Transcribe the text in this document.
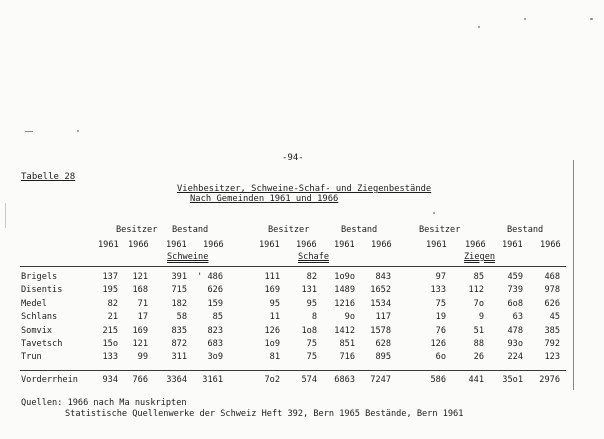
-94-
Tabelle 28
Viehbesitzer, Schweine-Schaf- und Ziegenbestände
Nach Gemeinden 1961 und 1966
Besitzer Bestand	Besitzer	Bestand	Besitzer	Bestand
1961 1966 1961 1966	1961 1966 1961 1966	1961 1966 1961 1966
Schweine	Schafe	Ziegen
Brigels	137	121	391	' 486	111	82	1o9o	843	97	85	459	468
Disentis	195	168	715	626	169	131	1489	1652	133	112	739	978
Medel	82	71	182	159	95	95	1216	1534	75	7o	6o8	626
Schlans	21	17	58	85	11	8	9o	117	19	9	63	45
Somvix	215	169	835	823	126	1o8	1412	1578	76	51	478	385
Tavetsch	15o	121	872	683	1o9	75	851	628	126	88	93o	792
Trun	133	99	311	3o9	81	75	716	895	6o	26	224	123
Vorderrhein	934	766	3364	3161	7o2	574	6863	7247	586	441	35o1	2976
Quellen: 1966 nach Ma nuskripten
Statistische Quellenwerke der Schweiz Heft 392, Bern 1965 Bestände, Bern 1961
